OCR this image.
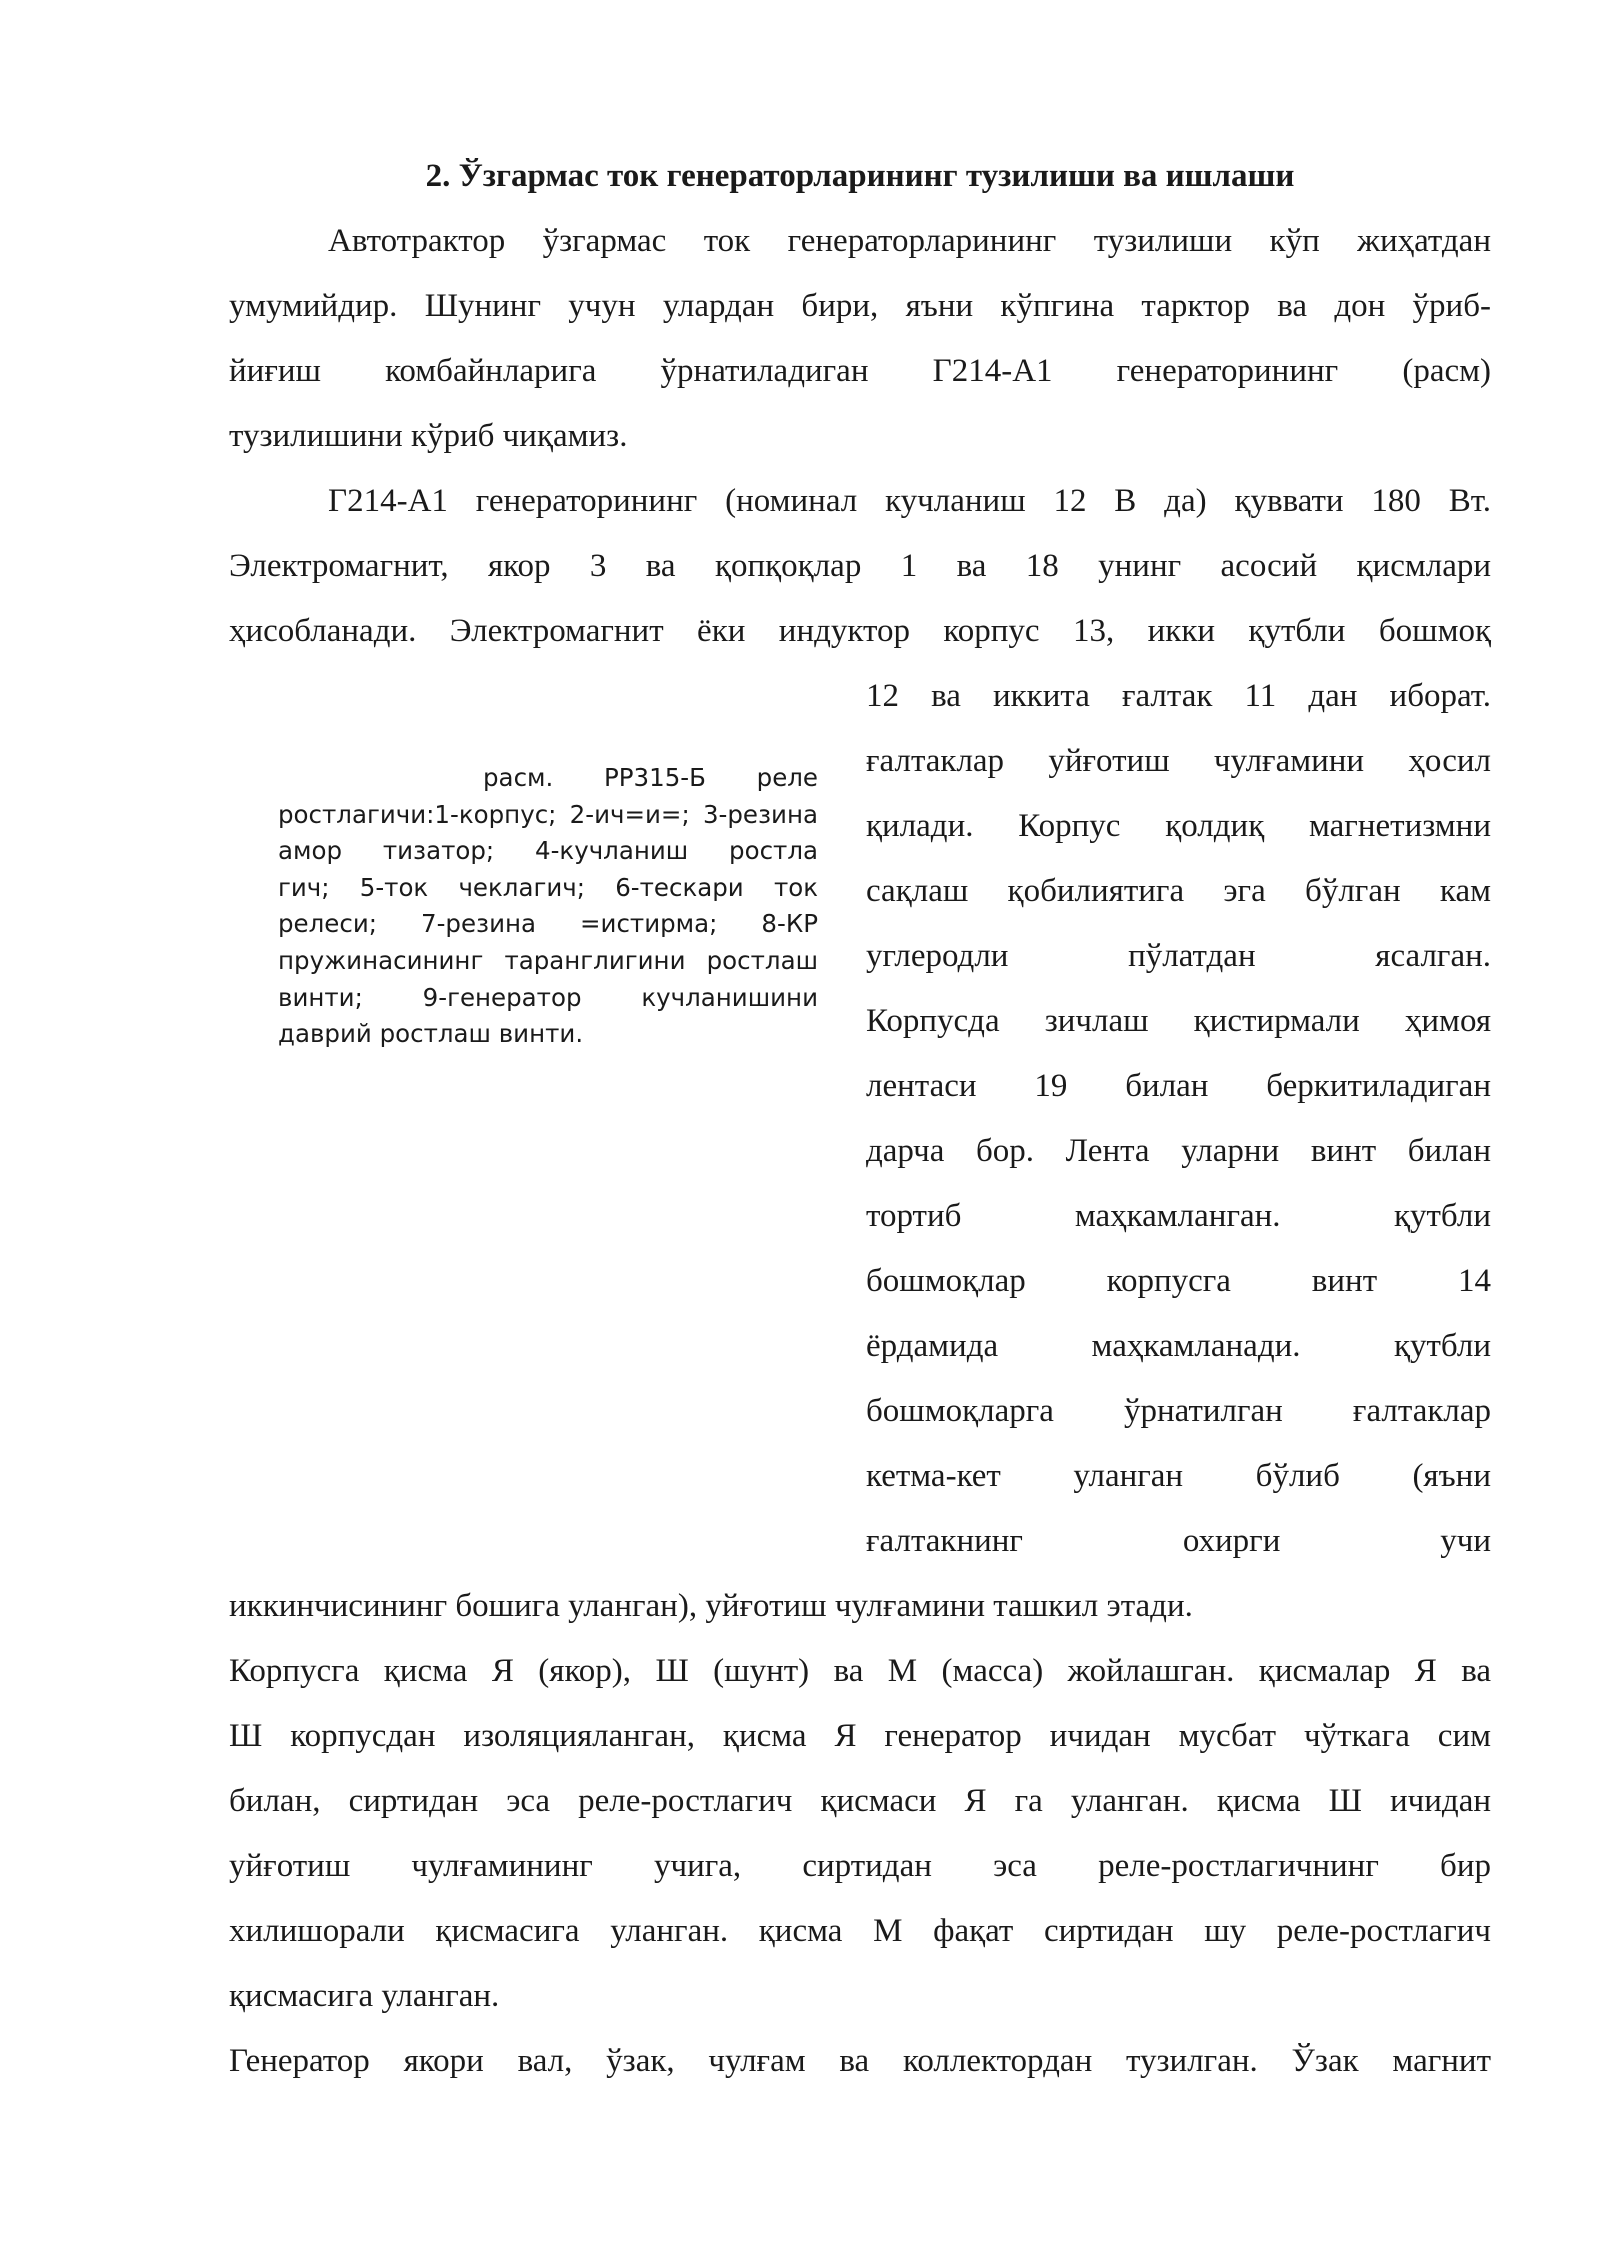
2. Ўзгармас ток генераторларининг тузилиши ва ишлаши
Автотрактор ўзгармас ток генераторларининг тузилиши кўп жиҳатдан
умумийдир. Шунинг учун улардан бири, яъни кўпгина тарктор ва дон ўриб-
йиғиш комбайнларига ўрнатиладиган Г214-А1 генераторининг (расм)
тузилишини кўриб чиқамиз.
Г214-А1 генераторининг (номинал кучланиш 12 В да) қуввати 180 Вт.
Электромагнит, якор 3 ва қопқоқлар 1 ва 18 унинг асосий қисмлари
ҳисобланади. Электромагнит ёки индуктор корпус 13, икки қутбли бошмоқ
12 ва иккита ғалтак 11 дан иборат.
ғалтаклар уйғотиш чулғамини ҳосил
қилади. Корпус қолдиқ магнетизмни
сақлаш қобилиятига эга бўлган кам
углеродли пўлатдан ясалган.
Корпусда зичлаш қистирмали ҳимоя
лентаси 19 билан беркитиладиган
дарча бор. Лента уларни винт билан
тортиб маҳкамланган. қутбли
бошмоқлар корпусга винт 14
ёрдамида маҳкамланади. қутбли
бошмоқларга ўрнатилган ғалтаклар
кетма-кет уланган бўлиб (яъни
ғалтакнинг охирги учи
иккинчисининг бошига уланган), уйғотиш чулғамини ташкил этади.
расм. РР315-Б реле
ростлагичи:1-корпус; 2-ич=и=; 3-резина
амор тизатор; 4-кучланиш ростла
гич; 5-ток чеклагич; 6-тескари ток
релеси; 7-резина =истирма; 8-КР
пружинасининг таранглигини ростлаш
винти; 9-генератор кучланишини
даврий ростлаш винти.
Корпусга қисма Я (якор), Ш (шунт) ва М (масса) жойлашган. қисмалар Я ва
Ш корпусдан изоляцияланган, қисма Я генератор ичидан мусбат чўткага сим
билан, сиртидан эса реле-ростлагич қисмаси Я га уланган. қисма Ш ичидан
уйғотиш чулғамининг учига, сиртидан эса реле-ростлагичнинг бир
хилишорали қисмасига уланган. қисма М фақат сиртидан шу реле-ростлагич
қисмасига уланган.
Генератор якори вал, ўзак, чулғам ва коллектордан тузилган. Ўзак магнит
